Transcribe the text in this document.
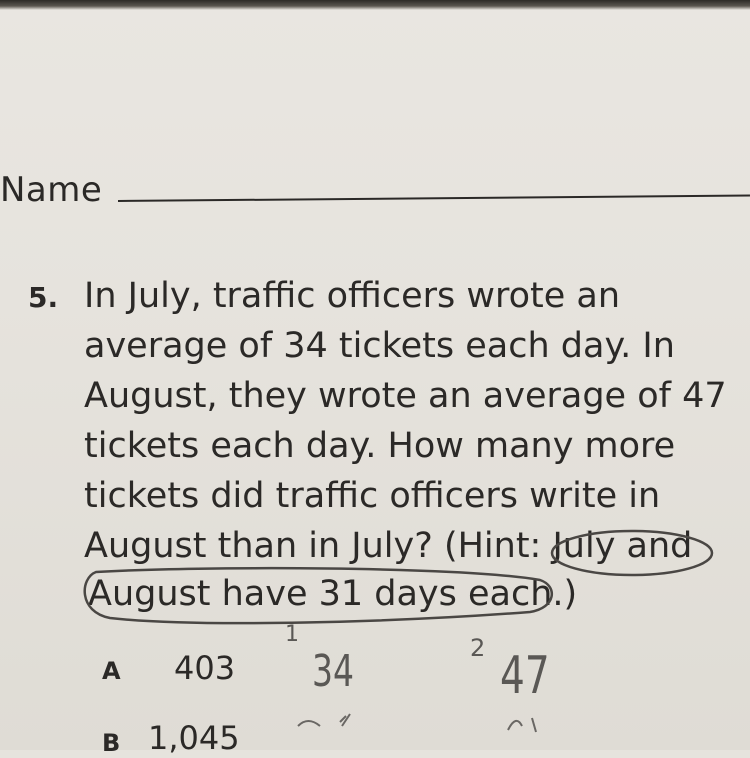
Name
5. In July, traffic officers wrote an
average of 34 tickets each day. In
August, they wrote an average of 47
tickets each day. How many more
tickets did traffic officers write in
August than in July? (Hint: July and
August have 31 days each.)
A 403
B 1,045
1
34	2 47
